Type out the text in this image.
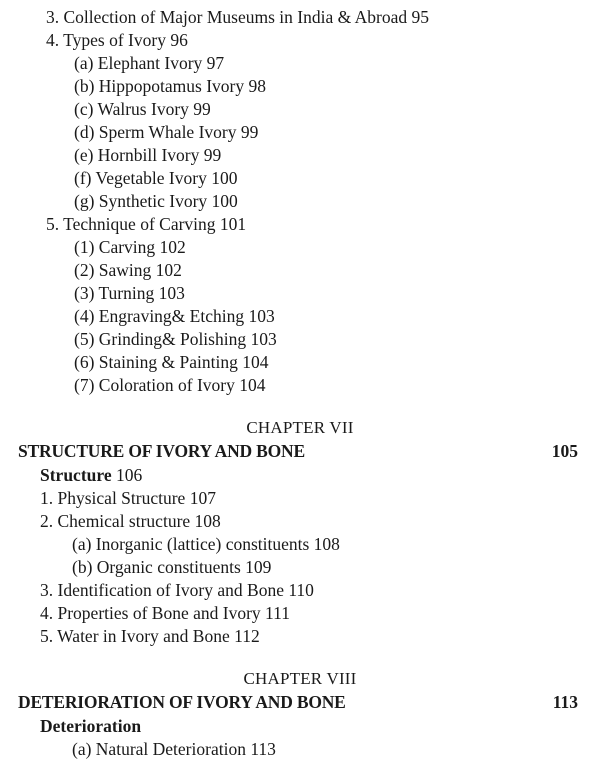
3. Collection of Major Museums in India & Abroad 95
4. Types of Ivory 96
(a) Elephant Ivory 97
(b) Hippopotamus Ivory 98
(c) Walrus Ivory 99
(d) Sperm Whale Ivory 99
(e) Hornbill Ivory 99
(f) Vegetable Ivory 100
(g) Synthetic Ivory 100
5. Technique of Carving 101
(1) Carving 102
(2) Sawing 102
(3) Turning 103
(4) Engraving& Etching 103
(5) Grinding& Polishing 103
(6) Staining & Painting 104
(7) Coloration of Ivory 104
CHAPTER VII
STRUCTURE OF IVORY AND BONE	105
Structure 106
1. Physical Structure 107
2. Chemical structure 108
(a) Inorganic (lattice) constituents 108
(b) Organic constituents 109
3. Identification of Ivory and Bone 110
4. Properties of Bone and Ivory 111
5. Water in Ivory and Bone 112
CHAPTER VIII
DETERIORATION OF IVORY AND BONE	113
Deterioration
(a) Natural Deterioration 113
